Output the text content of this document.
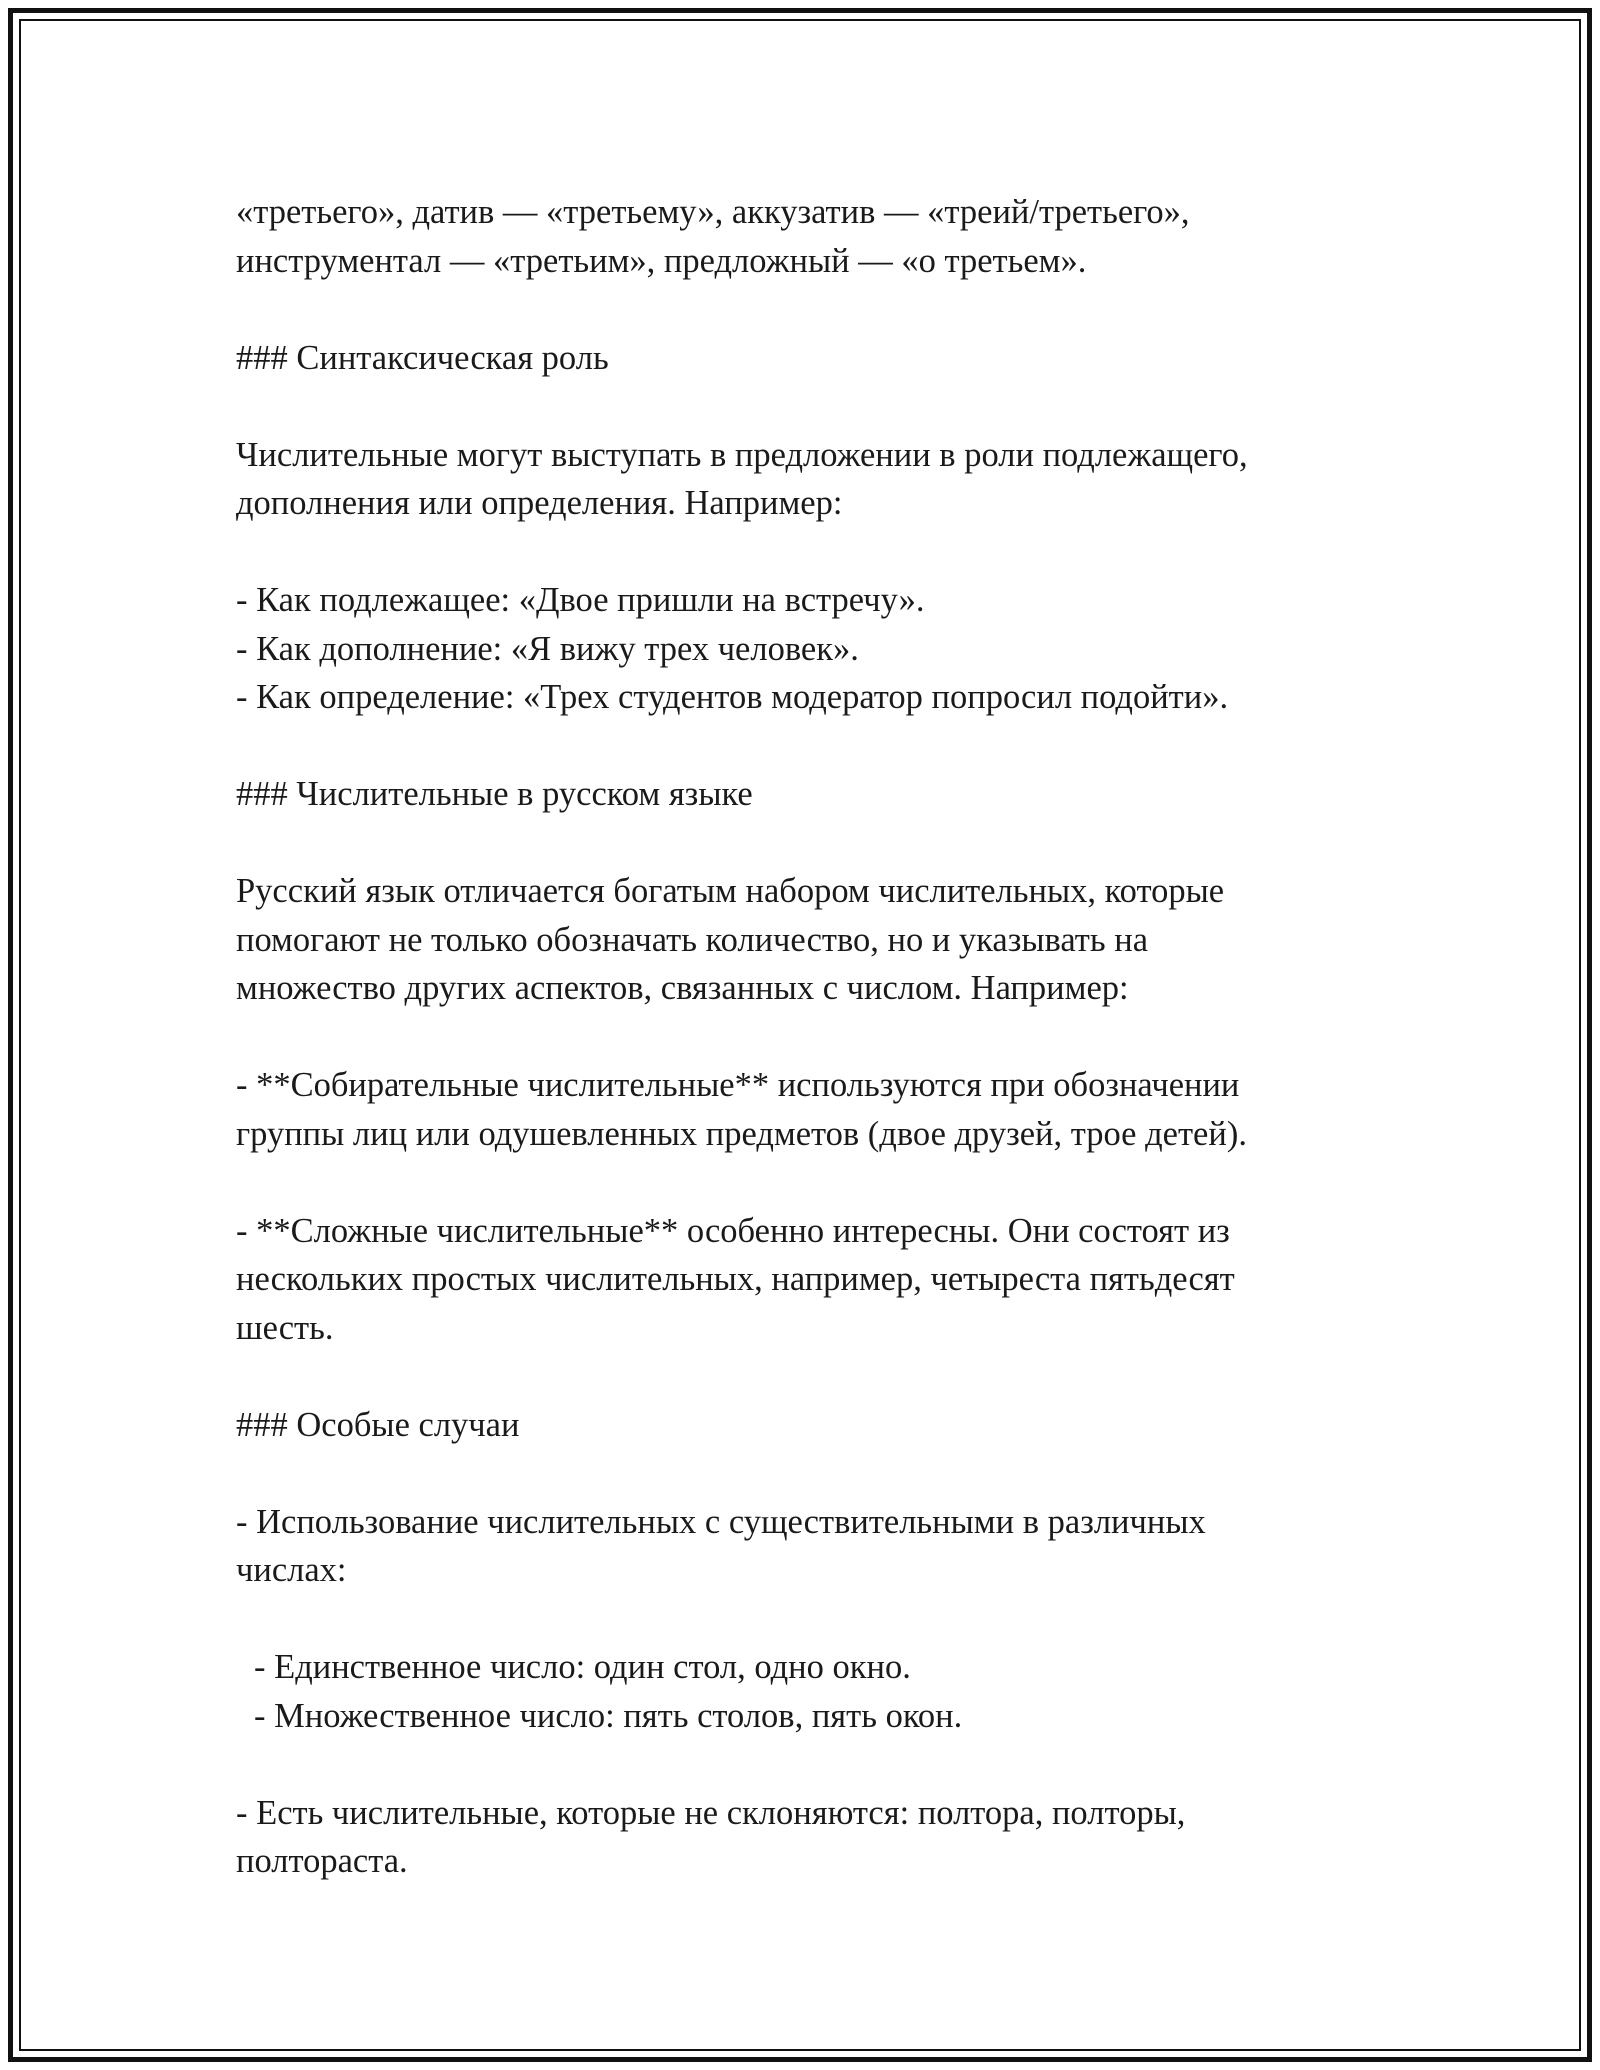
«третьего», датив — «третьему», аккузатив — «треий/третьего»,
инструментал — «третьим», предложный — «о третьем».

### Синтаксическая роль

Числительные могут выступать в предложении в роли подлежащего,
дополнения или определения. Например:

- Как подлежащее: «Двое пришли на встречу».
- Как дополнение: «Я вижу трех человек».
- Как определение: «Трех студентов модератор попросил подойти».

### Числительные в русском языке

Русский язык отличается богатым набором числительных, которые
помогают не только обозначать количество, но и указывать на
множество других аспектов, связанных с числом. Например:

- **Собирательные числительные** используются при обозначении
группы лиц или одушевленных предметов (двое друзей, трое детей).

- **Сложные числительные** особенно интересны. Они состоят из
нескольких простых числительных, например, четыреста пятьдесят
шесть.

### Особые случаи

- Использование числительных с существительными в различных
числах:

- Единственное число: один стол, одно окно.
- Множественное число: пять столов, пять окон.

- Есть числительные, которые не склоняются: полтора, полторы,
полтораста.
